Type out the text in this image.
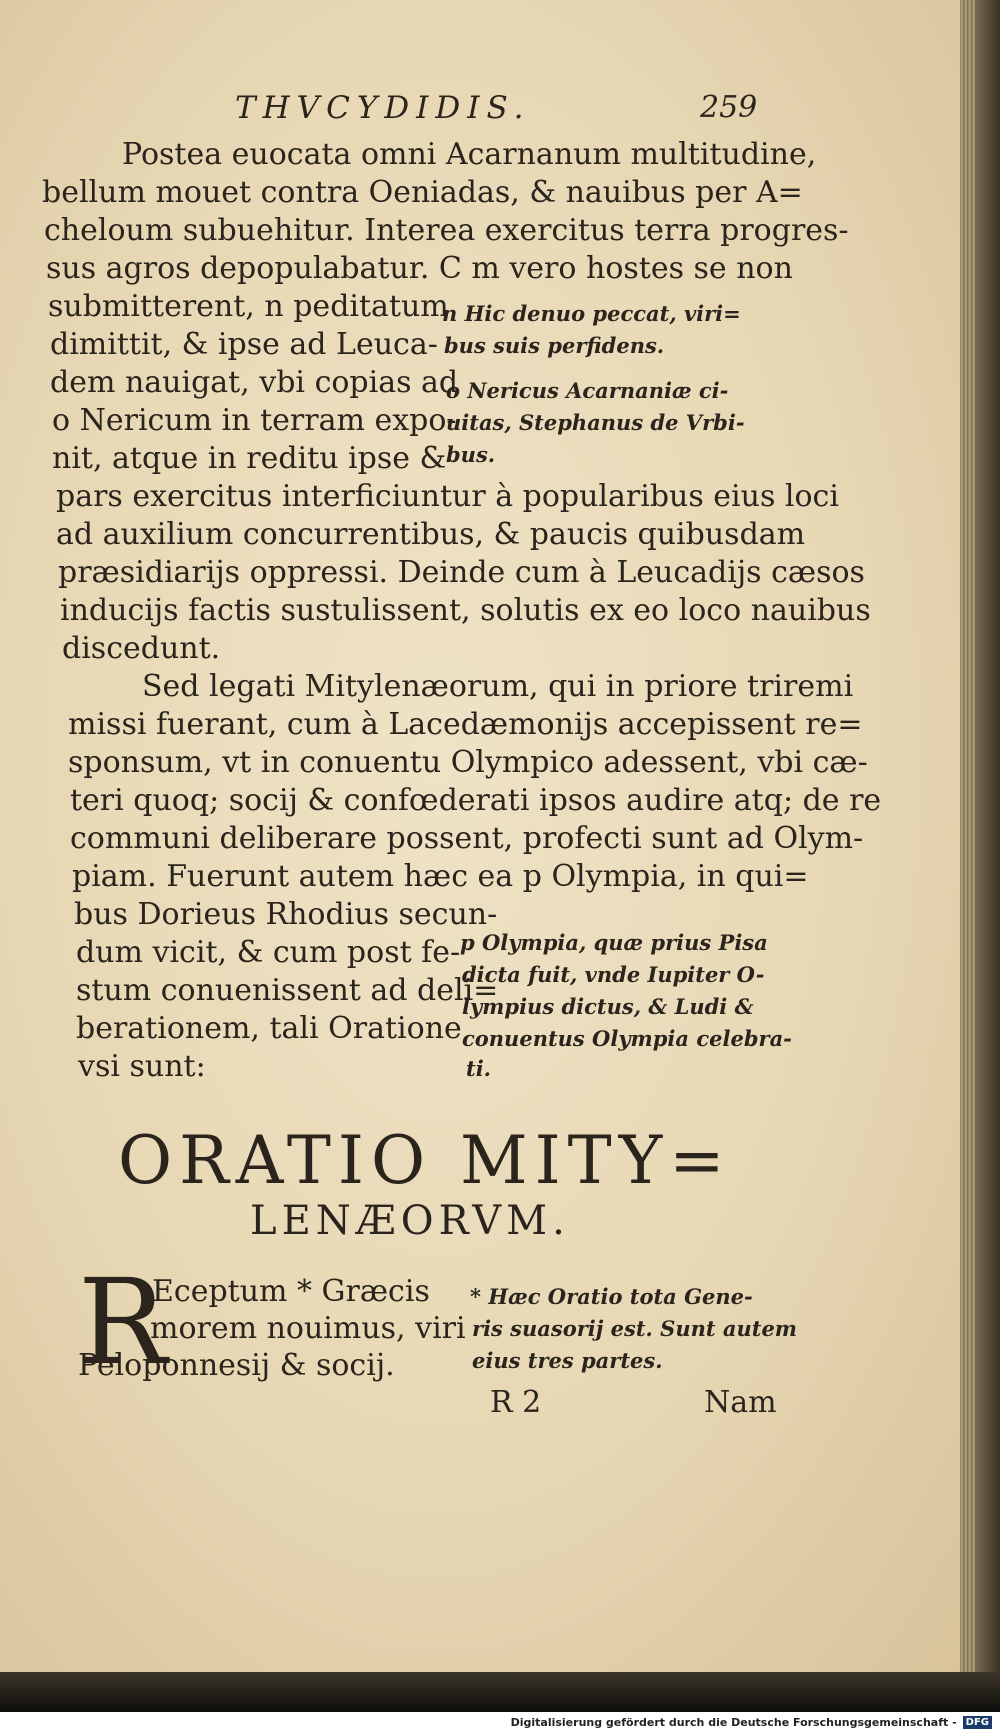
THVCYDIDIS.	259
Postea euocata omni Acarnanum multitudine,
bellum mouet contra Oeniadas, & nauibus per A=
cheloum subuehitur. Interea exercitus terra progres-
sus agros depopulabatur. C m vero hostes se non
submitterent, n peditatum
dimittit, & ipse ad Leuca-
dem nauigat, vbi copias ad
o Nericum in terram expo-
nit, atque in reditu ipse &
pars exercitus interficiuntur à popularibus eius loci
ad auxilium concurrentibus, & paucis quibusdam
præsidiarijs oppressi. Deinde cum à Leucadijs cæsos
inducijs factis sustulissent, solutis ex eo loco nauibus
discedunt.
Sed legati Mitylenæorum, qui in priore triremi
missi fuerant, cum à Lacedæmonijs accepissent re=
sponsum, vt in conuentu Olympico adessent, vbi cæ-
teri quoq; socij & confœderati ipsos audire atq; de re
communi deliberare possent, profecti sunt ad Olym-
piam. Fuerunt autem hæc ea p Olympia, in qui=
bus Dorieus Rhodius secun-
dum vicit, & cum post fe-
stum conuenissent ad deli=
berationem, tali Oratione
vsi sunt:
n Hic denuo peccat, viri=
bus suis perfidens.
o Nericus Acarnaniæ ci-
uitas, Stephanus de Vrbi-
bus.
p Olympia, quæ prius Pisa
dicta fuit, vnde Iupiter O-
lympius dictus, & Ludi &
conuentus Olympia celebra-
ti.
ORATIO MITY=
LENÆORVM.
R
Eceptum * Græcis
morem nouimus, viri
Peloponnesij & socij.
* Hæc Oratio tota Gene-
ris suasorij est. Sunt autem
eius tres partes.
R 2	Nam
Digitalisierung gefördert durch die Deutsche Forschungsgemeinschaft - DFG
